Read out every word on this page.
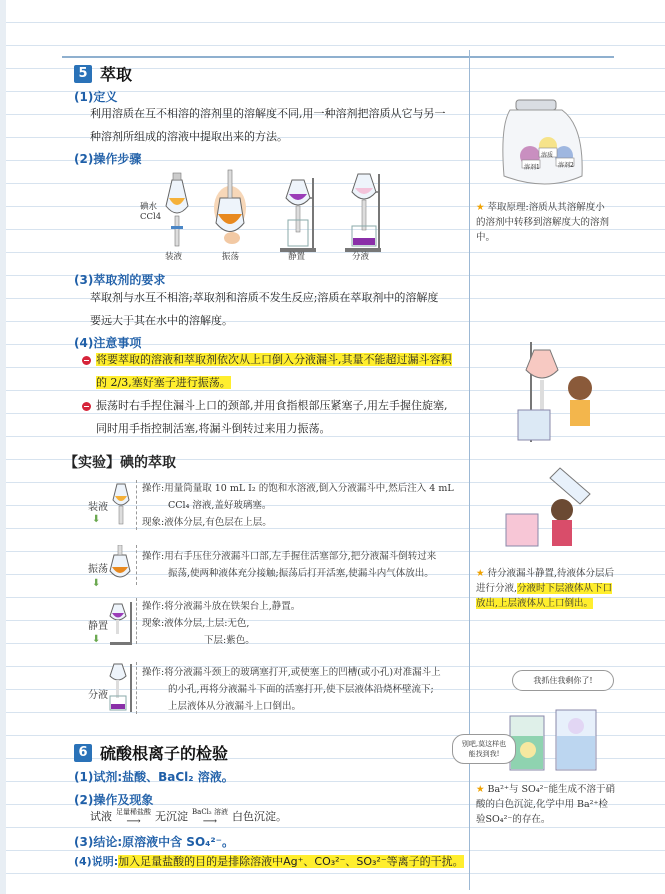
5 萃取
(1)定义
利用溶质在互不相溶的溶剂里的溶解度不同,用一种溶剂把溶质从它与另一
种溶剂所组成的溶液中提取出来的方法。
(2)操作步骤
碘水
CCl4
装液	振荡	静置	分液
(3)萃取剂的要求
萃取剂与水互不相溶;萃取剂和溶质不发生反应;溶质在萃取剂中的溶解度
要远大于其在水中的溶解度。
(4)注意事项
将要萃取的溶液和萃取剂依次从上口倒入分液漏斗,其量不能超过漏斗容积
的 2/3,塞好塞子进行振荡。
振荡时右手捏住漏斗上口的颈部,并用食指根部压紧塞子,用左手握住旋塞,
同时用手指控制活塞,将漏斗倒转过来用力振荡。
【实验】碘的萃取
装液
⬇
操作:用量筒量取 10 mL I₂ 的饱和水溶液,倒入分液漏斗中,然后注入 4 mL
CCl₄ 溶液,盖好玻璃塞。
现象:液体分层,有色层在上层。
振荡
⬇
操作:用右手压住分液漏斗口部,左手握住活塞部分,把分液漏斗倒转过来
振荡,使两种液体充分接触;振荡后打开活塞,使漏斗内气体放出。
静置
⬇
操作:将分液漏斗放在铁架台上,静置。
现象:液体分层,上层:无色,
下层:紫色。
分液
操作:将分液漏斗颈上的玻璃塞打开,或使塞上的凹槽(或小孔)对准漏斗上
的小孔,再将分液漏斗下面的活塞打开,使下层液体沿烧杯壁流下;
上层液体从分液漏斗上口倒出。
6 硫酸根离子的检验
(1)试剂:盐酸、BaCl₂ 溶液。
(2)操作及现象
试液 足量稀盐酸
⟶ 无沉淀 BaCl₂ 溶液
⟶ 白色沉淀。
(3)结论:原溶液中含 SO₄²⁻。
(4)说明:加入足量盐酸的目的是排除溶液中Ag⁺、CO₃²⁻、SO₃²⁻等离子的干扰。
溶质
溶剂1	溶剂2
★ 萃取原理:溶质从其溶解度小的溶剂中转移到溶解度大的溶剂中。
★ 待分液漏斗静置,待液体分层后进行分液,分液时下层液体从下口放出,上层液体从上口倒出。
我抓住我剩你了!
别吧,莫这样也能找到我!
★ Ba²⁺与 SO₄²⁻能生成不溶于硝酸的白色沉淀,化学中用 Ba²⁺检验SO₄²⁻的存在。
